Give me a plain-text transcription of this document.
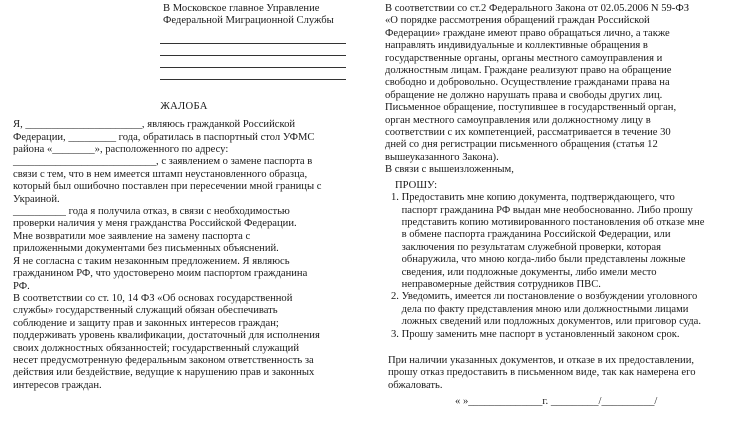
В Московское главное Управление

Федеральной Миграционной Службы

ЖАЛОБА

Я, ______________________, являюсь гражданкой Российской

Федерации, _________ года, обратилась в паспортный стол УФМС

района «________», расположенного по адресу:

___________________________, с заявлением о замене паспорта в

связи с тем, что в нем имеется штамп неустановленного образца,

который был ошибочно поставлен при пересечении мной границы с

Украиной.

__________ года я получила отказ, в связи с необходимостью

проверки наличия у меня гражданства Российской Федерации.

Мне возвратили мое заявление на замену паспорта с

приложенными документами без письменных объяснений.

Я не согласна с таким незаконным предложением. Я являюсь

гражданином РФ, что удостоверено моим паспортом гражданина

РФ.

В соответствии со ст. 10, 14 ФЗ «Об основах государственной

службы» государственный служащий обязан обеспечивать

соблюдение и защиту прав и законных интересов граждан;

поддерживать уровень квалификации, достаточный для исполнения

своих должностных обязанностей; государственный служащий

несет предусмотренную федеральным законом ответственность за

действия или бездействие, ведущие к нарушению прав и законных

интересов граждан.

В соответствии со ст.2 Федерального Закона от 02.05.2006 N 59-ФЗ

«О порядке рассмотрения обращений граждан Российской

Федерации» граждане имеют право обращаться лично, а также

направлять индивидуальные и коллективные обращения в

государственные органы, органы местного самоуправления и

должностным лицам. Граждане реализуют право на обращение

свободно и добровольно. Осуществление гражданами права на

обращение не должно нарушать права и свободы других лиц.

Письменное обращение, поступившее в государственный орган,

орган местного самоуправления или должностному лицу в

соответствии с их компетенцией, рассматривается в течение 30

дней со дня регистрации письменного обращения (статья 12

вышеуказанного Закона).

В связи с вышеизложенным,

ПРОШУ:

1. Предоставить мне копию документа, подтверждающего, что

паспорт гражданина РФ выдан мне необоснованно. Либо прошу

представить копию мотивированного постановления об отказе мне

в обмене паспорта гражданина Российской Федерации, или

заключения по результатам служебной проверки, которая

обнаружила, что мною когда-либо были представлены ложные

сведения, или подложные документы, либо имели место

неправомерные действия сотрудников ПВС.

2. Уведомить, имеется ли постановление о возбуждении уголовного

дела по факту представления мною или должностными лицами

ложных сведений или подложных документов, или приговор суда.

3. Прошу заменить мне паспорт в установленный законом срок.

При наличии указанных документов, и отказе в их предоставлении,

прошу отказ предоставить в письменном виде, так как намерена его

обжаловать.

« »______________г. _________/__________/
